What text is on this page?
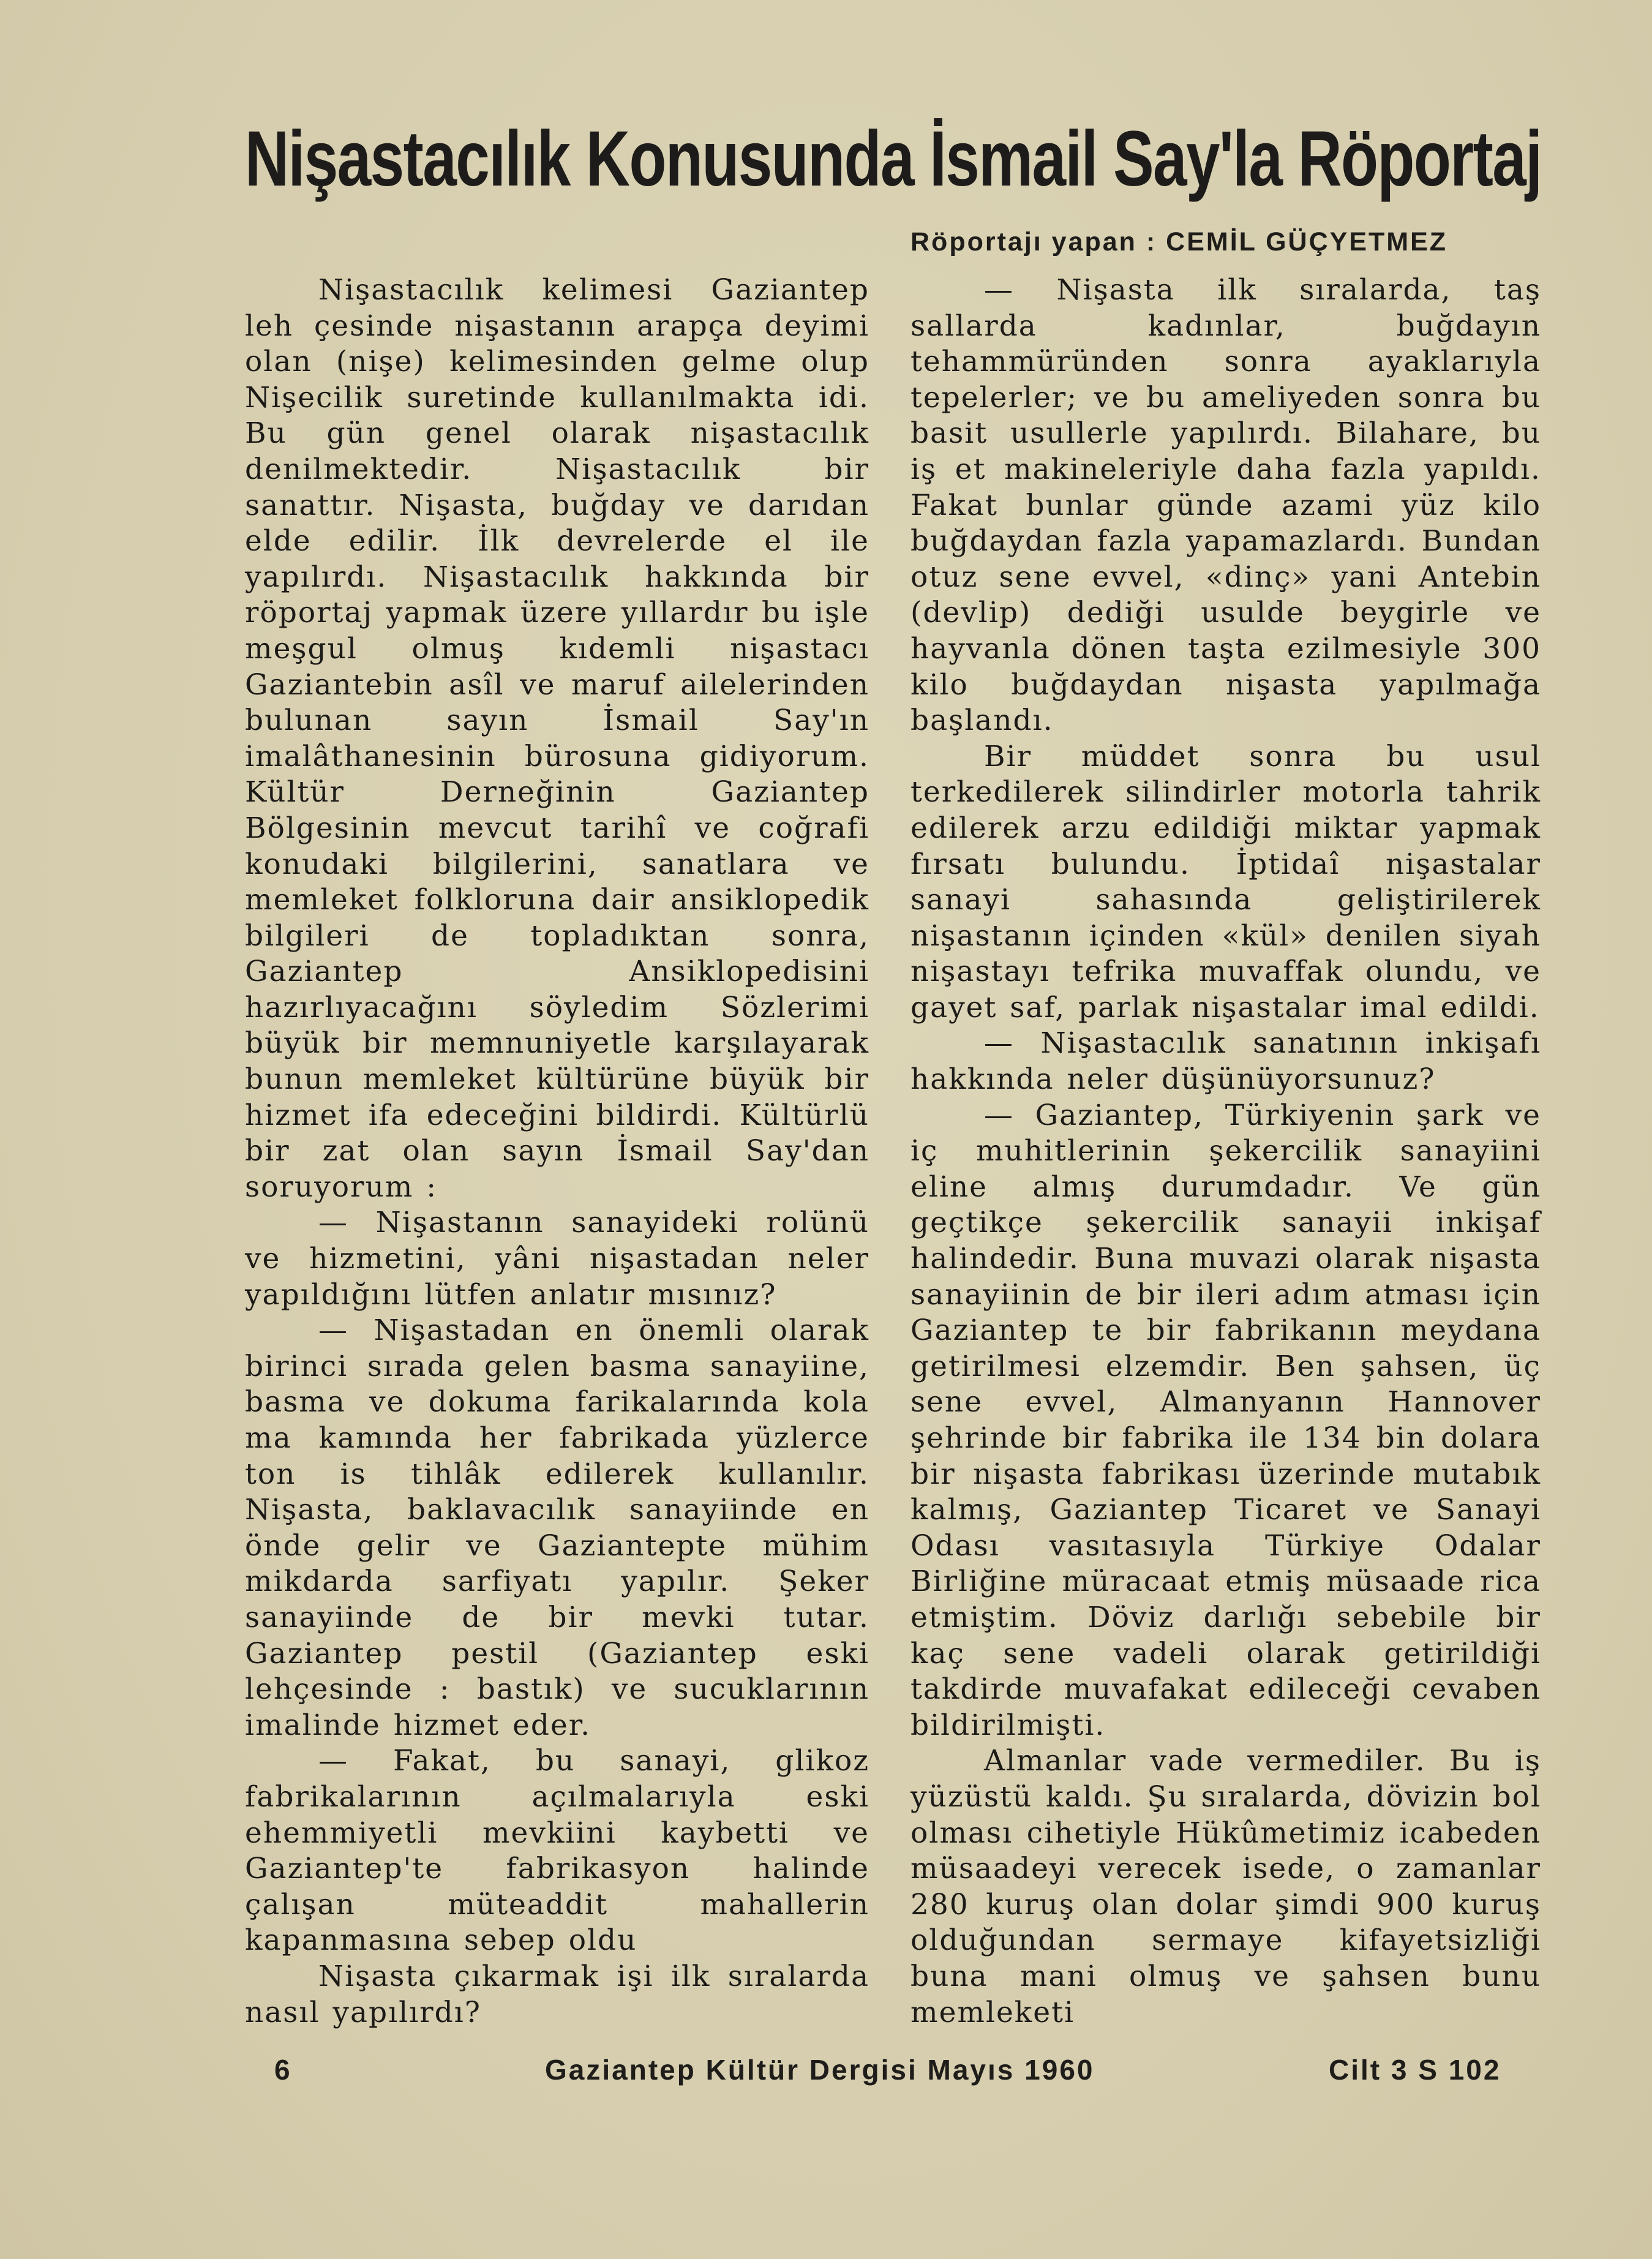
Nişastacılık Konusunda İsmail Say'la Röportaj
Röportajı yapan : CEMİL GÜÇYETMEZ

Nişastacılık kelimesi Gaziantep leh çesinde nişastanın arapça deyimi olan (nişe) kelimesinden gelme olup Nişecilik suretinde kullanılmakta idi. Bu gün genel olarak nişastacılık denilmektedir. Nişastacılık bir sanattır. Nişasta, buğday ve darıdan elde edilir. İlk devrelerde el ile yapılırdı. Nişastacılık hakkında bir röportaj yapmak üzere yıllardır bu işle meşgul olmuş kıdemli nişastacı Gaziantebin asîl ve maruf ailelerinden bulunan sayın İsmail Say'ın imalâthanesinin bürosuna gidiyorum. Kültür Derneğinin Gaziantep Bölgesinin mevcut tarihî ve coğrafi konudaki bilgilerini, sanatlara ve memleket folkloruna dair ansiklopedik bilgileri de topladıktan sonra, Gaziantep Ansiklopedisini hazırlıyacağını söyledim Sözlerimi büyük bir memnuniyetle karşılayarak bunun memleket kültürüne büyük bir hizmet ifa edeceğini bildirdi. Kültürlü bir zat olan sayın İsmail Say'dan soruyorum :

— Nişastanın sanayideki rolünü ve hizmetini, yâni nişastadan neler yapıldığını lütfen anlatır mısınız?

— Nişastadan en önemli olarak birinci sırada gelen basma sanayiine, basma ve dokuma farikalarında kola ma kamında her fabrikada yüzlerce ton is tihlâk edilerek kullanılır. Nişasta, baklavacılık sanayiinde en önde gelir ve Gaziantepte mühim mikdarda sarfiyatı yapılır. Şeker sanayiinde de bir mevki tutar. Gaziantep pestil (Gaziantep eski lehçesinde : bastık) ve sucuklarının imalinde hizmet eder.

— Fakat, bu sanayi, glikoz fabrikalarının açılmalarıyla eski ehemmiyetli mevkiini kaybetti ve Gaziantep'te fabrikasyon halinde çalışan müteaddit mahallerin kapanmasına sebep oldu

Nişasta çıkarmak işi ilk sıralarda nasıl yapılırdı?

— Nişasta ilk sıralarda, taş sallarda kadınlar, buğdayın tehammüründen sonra ayaklarıyla tepelerler; ve bu ameliyeden sonra bu basit usullerle yapılırdı. Bilahare, bu iş et makineleriyle daha fazla yapıldı. Fakat bunlar günde azami yüz kilo buğdaydan fazla yapamazlardı. Bundan otuz sene evvel, «dinç» yani Antebin (devlip) dediği usulde beygirle ve hayvanla dönen taşta ezilmesiyle 300 kilo buğdaydan nişasta yapılmağa başlandı.

Bir müddet sonra bu usul terkedilerek silindirler motorla tahrik edilerek arzu edildiği miktar yapmak fırsatı bulundu. İptidaî nişastalar sanayi sahasında geliştirilerek nişastanın içinden «kül» denilen siyah nişastayı tefrika muvaffak olundu, ve gayet saf, parlak nişastalar imal edildi.

— Nişastacılık sanatının inkişafı hakkında neler düşünüyorsunuz?

— Gaziantep, Türkiyenin şark ve iç muhitlerinin şekercilik sanayiini eline almış durumdadır. Ve gün geçtikçe şekercilik sanayii inkişaf halindedir. Buna muvazi olarak nişasta sanayiinin de bir ileri adım atması için Gaziantep te bir fabrikanın meydana getirilmesi elzemdir. Ben şahsen, üç sene evvel, Almanyanın Hannover şehrinde bir fabrika ile 134 bin dolara bir nişasta fabrikası üzerinde mutabık kalmış, Gaziantep Ticaret ve Sanayi Odası vasıtasıyla Türkiye Odalar Birliğine müracaat etmiş müsaade rica etmiştim. Döviz darlığı sebebile bir kaç sene vadeli olarak getirildiği takdirde muvafakat edileceği cevaben bildirilmişti.

Almanlar vade vermediler. Bu iş yüzüstü kaldı. Şu sıralarda, dövizin bol olması cihetiyle Hükûmetimiz icabeden müsaadeyi verecek isede, o zamanlar 280 kuruş olan dolar şimdi 900 kuruş olduğundan sermaye kifayetsizliği buna mani olmuş ve şahsen bunu memleketi

6	Gaziantep Kültür Dergisi Mayıs 1960	Cilt 3 S 102
